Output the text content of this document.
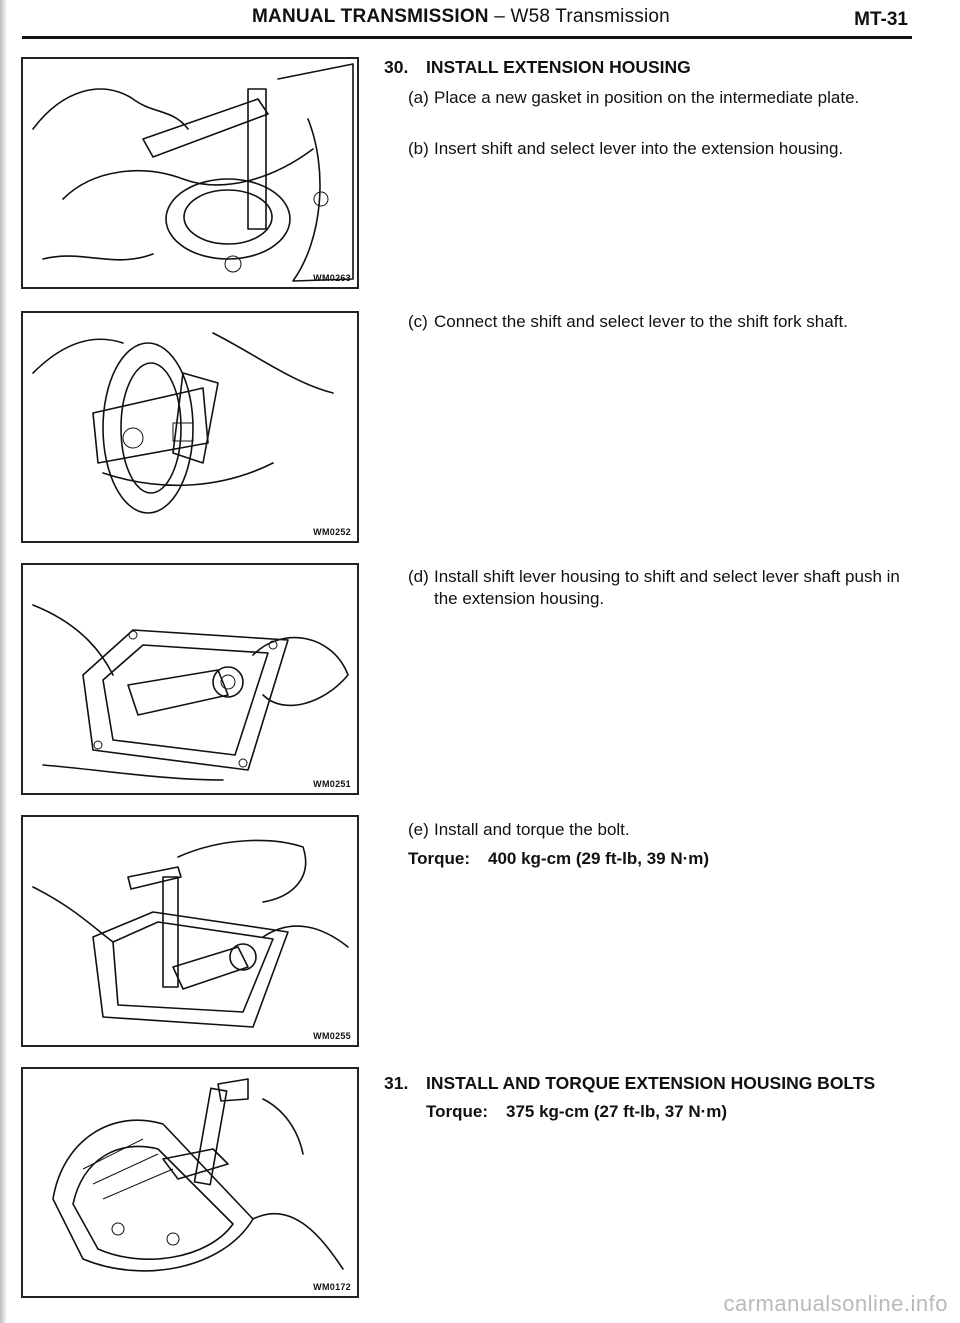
MANUAL TRANSMISSION – W58 Transmission	MT-31
WM0263
WM0252
WM0251
WM0255
WM0172
30. INSTALL EXTENSION HOUSING
(a) Place a new gasket in position on the intermediate plate.
(b) Insert shift and select lever into the extension housing.
(c) Connect the shift and select lever to the shift fork shaft.
(d) Install shift lever housing to shift and select lever shaft push in the extension housing.
(e) Install and torque the bolt.
Torque: 400 kg-cm (29 ft-lb, 39 N·m)
31. INSTALL AND TORQUE EXTENSION HOUSING BOLTS
Torque: 375 kg-cm (27 ft-lb, 37 N·m)
carmanualsonline.info
